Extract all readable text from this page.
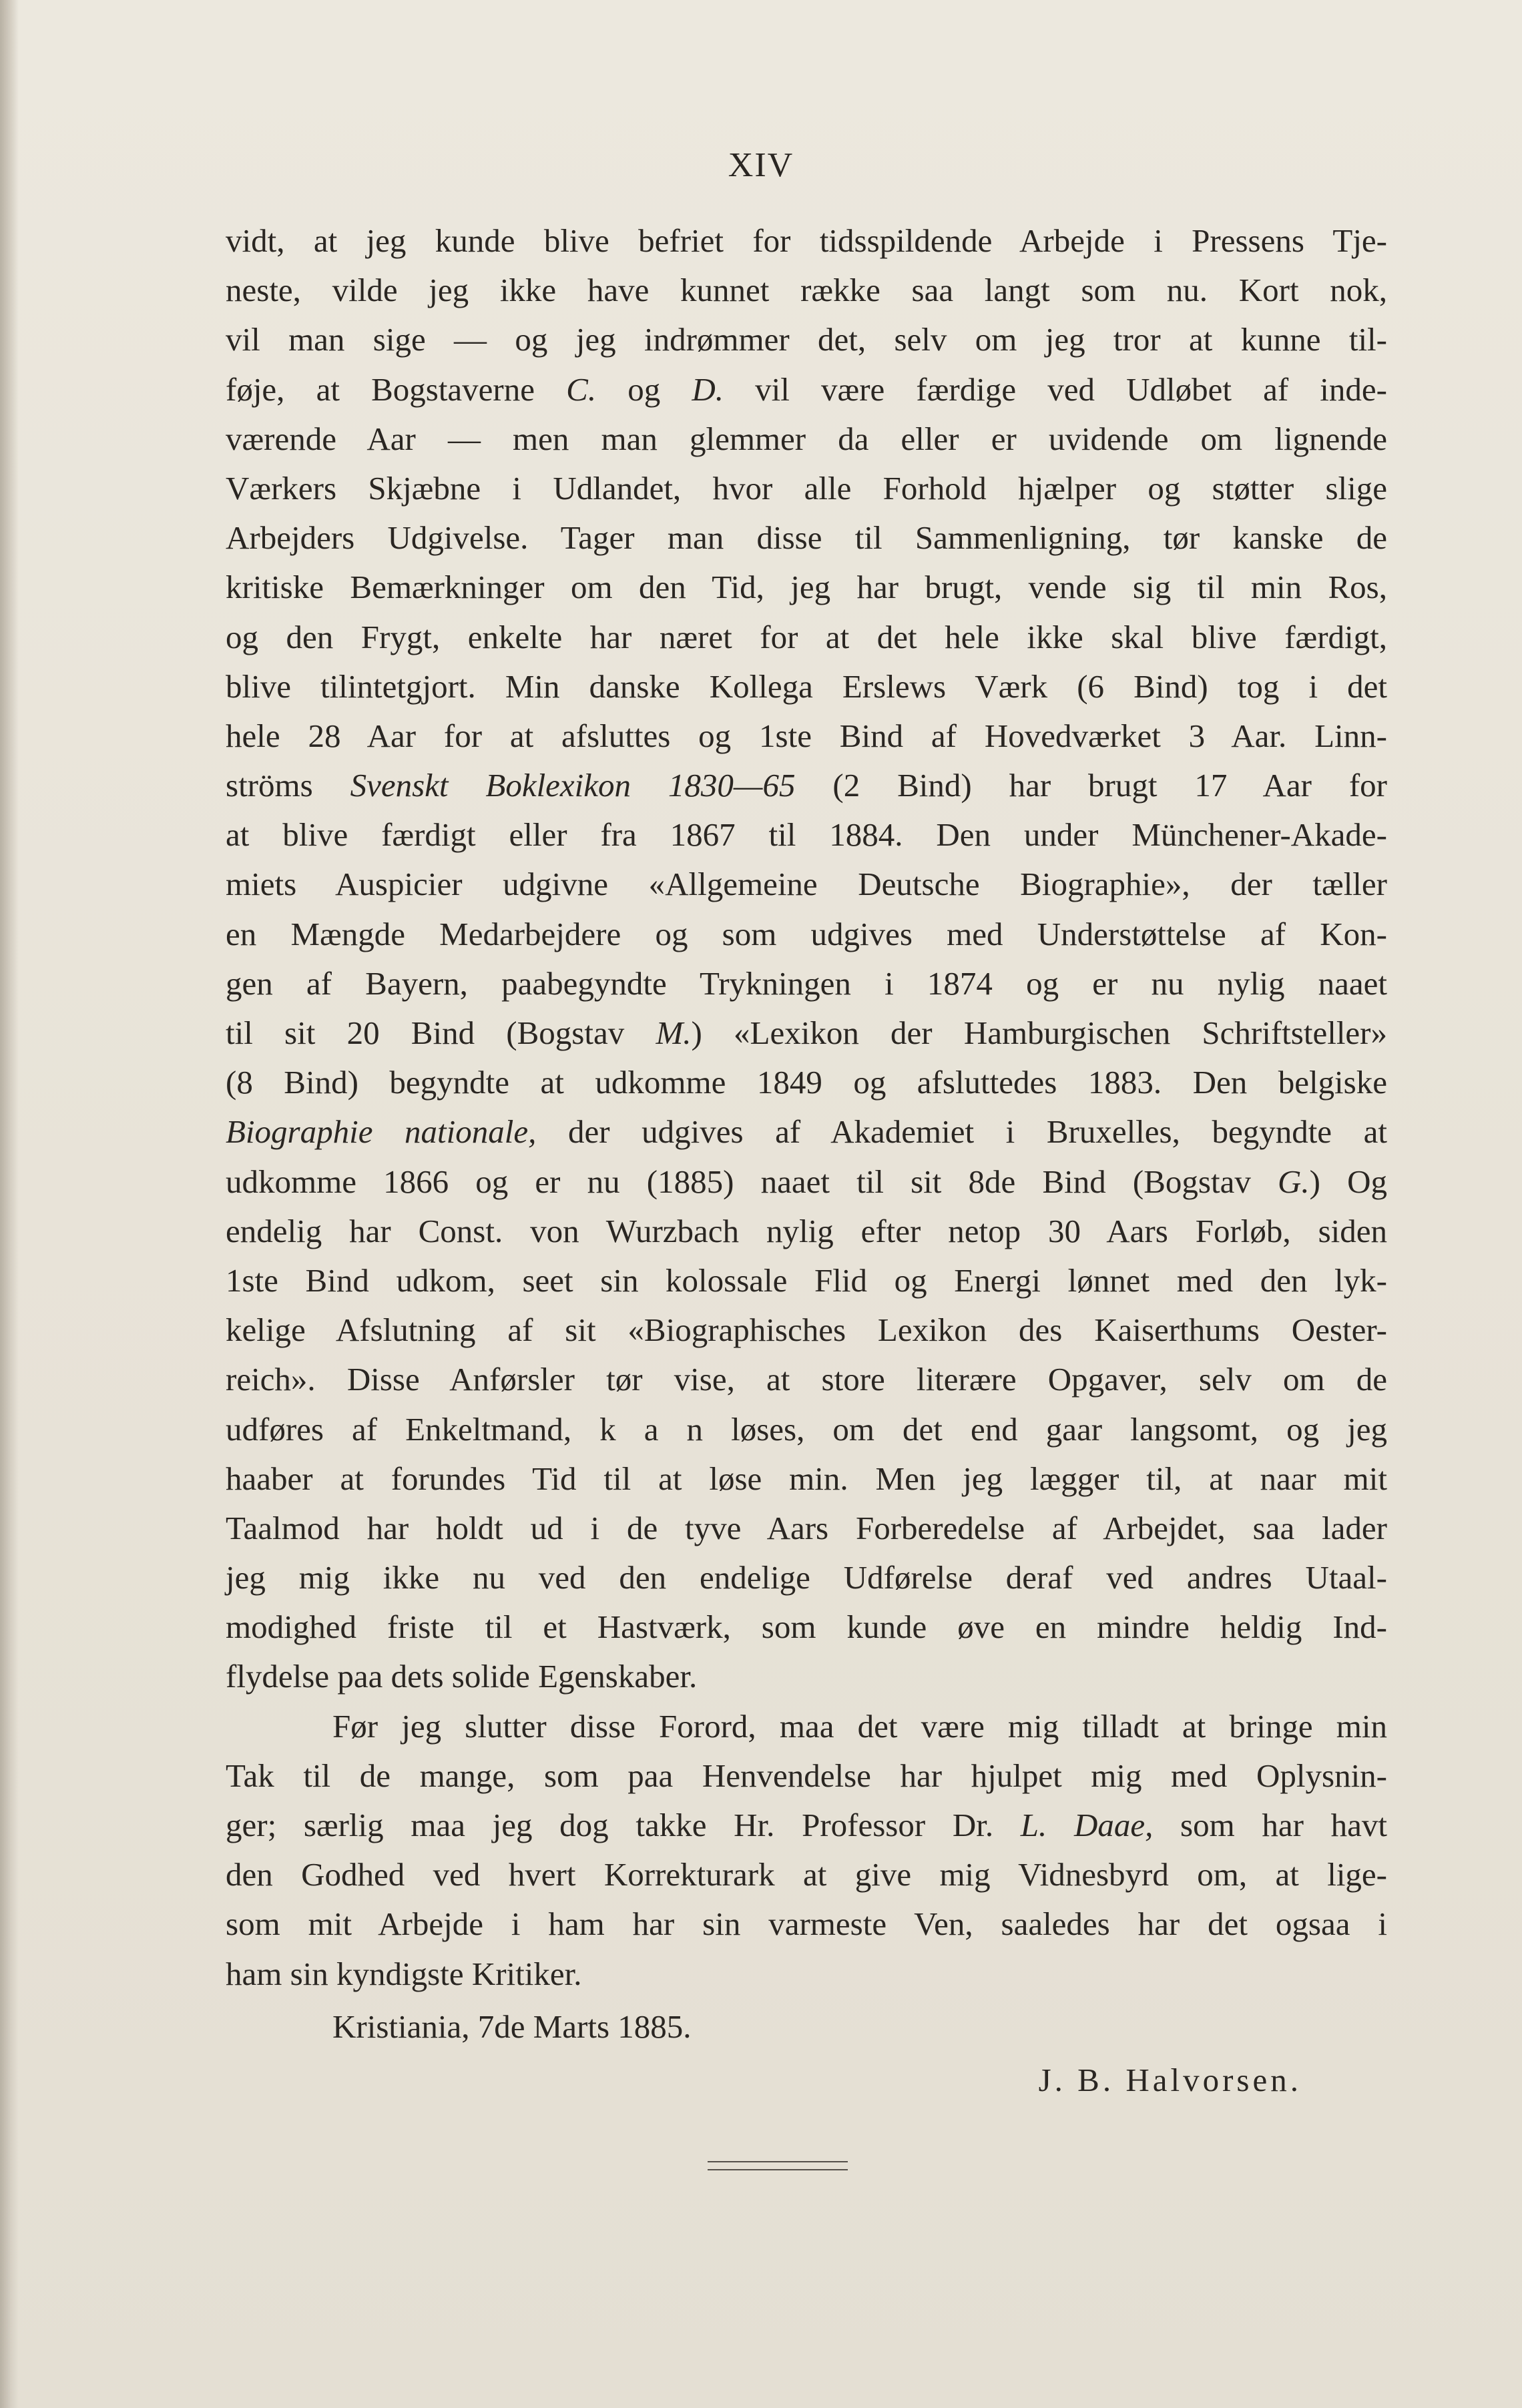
XIV
vidt, at jeg kunde blive befriet for tidsspildende Arbejde i Pressens Tje-
neste, vilde jeg ikke have kunnet række saa langt som nu. Kort nok,
vil man sige — og jeg indrømmer det, selv om jeg tror at kunne til-
føje, at Bogstaverne C. og D. vil være færdige ved Udløbet af inde-
værende Aar — men man glemmer da eller er uvidende om lignende
Værkers Skjæbne i Udlandet, hvor alle Forhold hjælper og støtter slige
Arbejders Udgivelse. Tager man disse til Sammenligning, tør kanske de
kritiske Bemærkninger om den Tid, jeg har brugt, vende sig til min Ros,
og den Frygt, enkelte har næret for at det hele ikke skal blive færdigt,
blive tilintetgjort. Min danske Kollega Erslews Værk (6 Bind) tog i det
hele 28 Aar for at afsluttes og 1ste Bind af Hovedværket 3 Aar. Linn-
ströms Svenskt Boklexikon 1830—65 (2 Bind) har brugt 17 Aar for
at blive færdigt eller fra 1867 til 1884. Den under Münchener-Akade-
miets Auspicier udgivne «Allgemeine Deutsche Biographie», der tæller
en Mængde Medarbejdere og som udgives med Understøttelse af Kon-
gen af Bayern, paabegyndte Trykningen i 1874 og er nu nylig naaet
til sit 20 Bind (Bogstav M.) «Lexikon der Hamburgischen Schriftsteller»
(8 Bind) begyndte at udkomme 1849 og afsluttedes 1883. Den belgiske
Biographie nationale, der udgives af Akademiet i Bruxelles, begyndte at
udkomme 1866 og er nu (1885) naaet til sit 8de Bind (Bogstav G.) Og
endelig har Const. von Wurzbach nylig efter netop 30 Aars Forløb, siden
1ste Bind udkom, seet sin kolossale Flid og Energi lønnet med den lyk-
kelige Afslutning af sit «Biographisches Lexikon des Kaiserthums Oester-
reich». Disse Anførsler tør vise, at store literære Opgaver, selv om de
udføres af Enkeltmand, k a n løses, om det end gaar langsomt, og jeg
haaber at forundes Tid til at løse min. Men jeg lægger til, at naar mit
Taalmod har holdt ud i de tyve Aars Forberedelse af Arbejdet, saa lader
jeg mig ikke nu ved den endelige Udførelse deraf ved andres Utaal-
modighed friste til et Hastværk, som kunde øve en mindre heldig Ind-
flydelse paa dets solide Egenskaber.
Før jeg slutter disse Forord, maa det være mig tilladt at bringe min
Tak til de mange, som paa Henvendelse har hjulpet mig med Oplysnin-
ger; særlig maa jeg dog takke Hr. Professor Dr. L. Daae, som har havt
den Godhed ved hvert Korrekturark at give mig Vidnesbyrd om, at lige-
som mit Arbejde i ham har sin varmeste Ven, saaledes har det ogsaa i
ham sin kyndigste Kritiker.
Kristiania, 7de Marts 1885.
J. B. Halvorsen.
